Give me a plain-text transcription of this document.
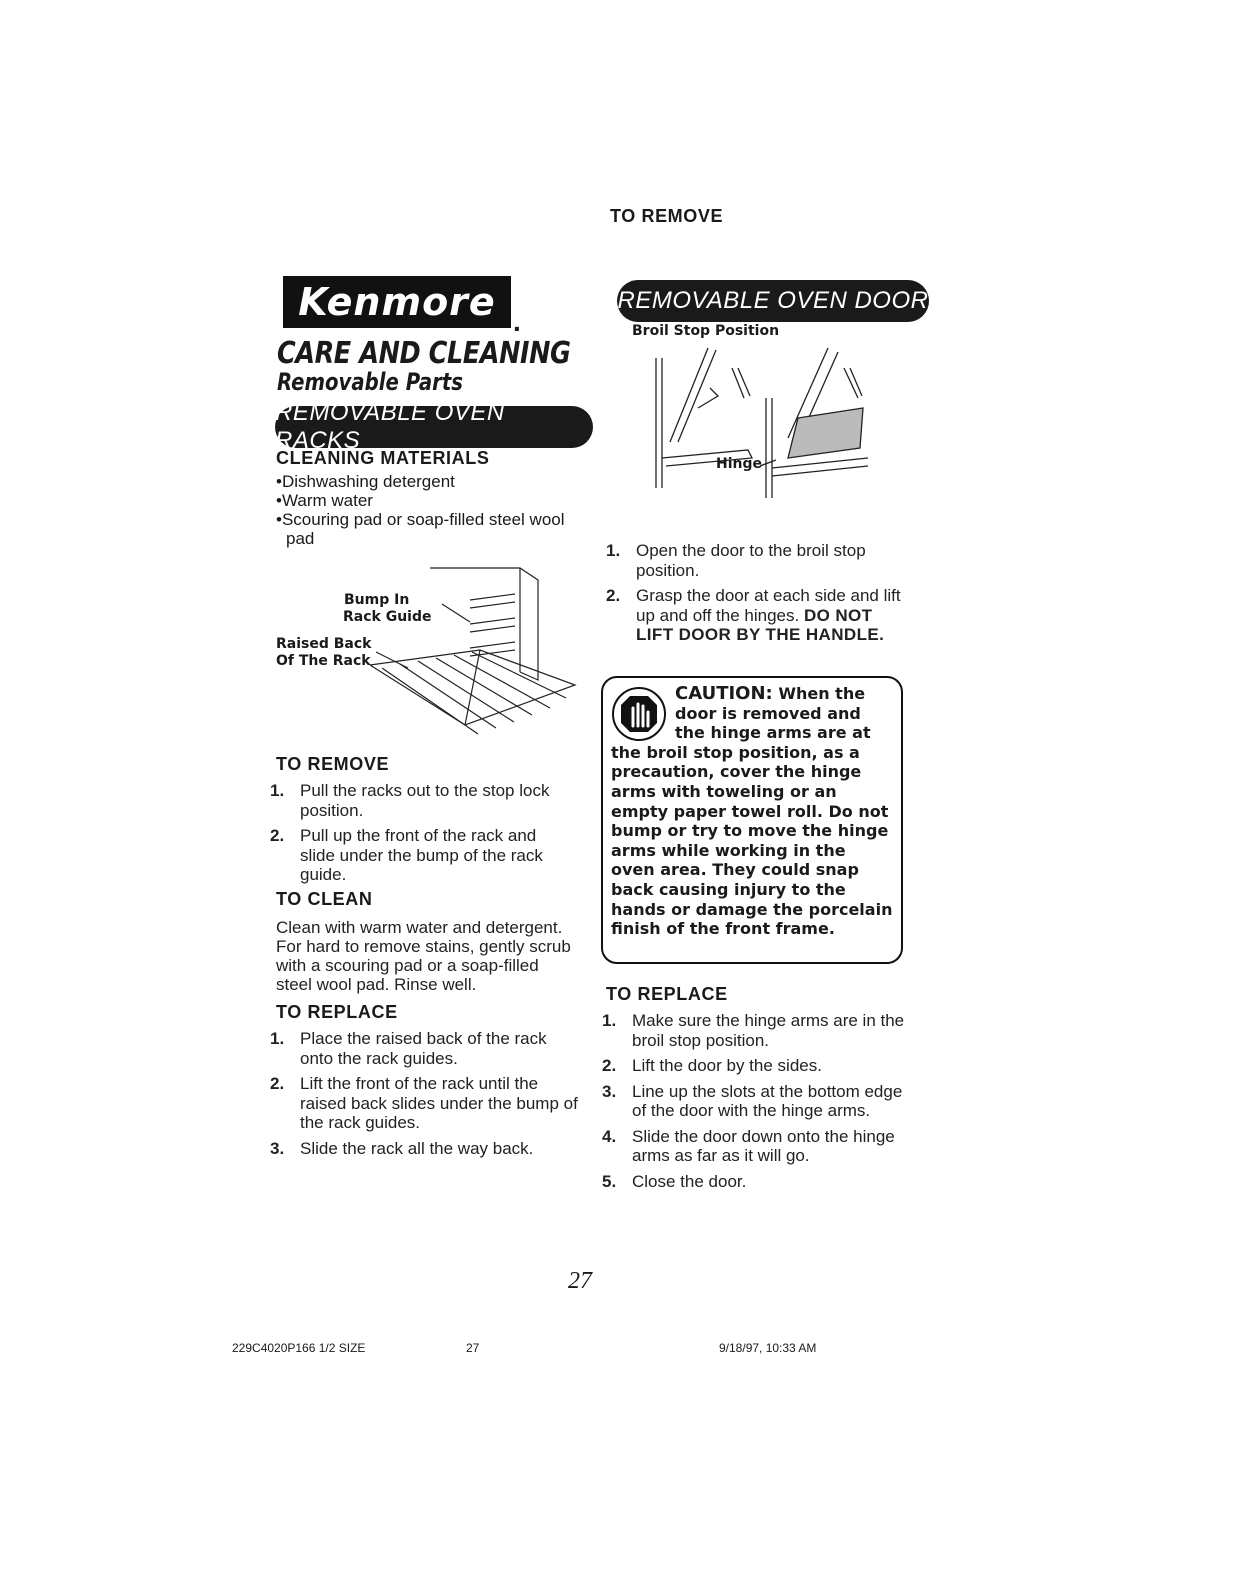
Kenmore .
CARE AND CLEANING
Removable Parts
REMOVABLE OVEN RACKS
CLEANING MATERIALS
• Dishwashing detergent
• Warm water
• Scouring pad or soap-filled steel wool pad
Bump In
Rack Guide
Raised Back
Of The Rack
TO REMOVE
1. Pull the racks out to the stop lock position.
2. Pull up the front of the rack and slide under the bump of the rack guide.
TO CLEAN
Clean with warm water and detergent. For hard to remove stains, gently scrub with a scouring pad or a soap-filled steel wool pad. Rinse well.
TO REPLACE
1. Place the raised back of the rack onto the rack guides.
2. Lift the front of the rack until the raised back slides under the bump of the rack guides.
3. Slide the rack all the way back.
REMOVABLE OVEN DOOR
Broil Stop Position
Hinge
TO REMOVE
1. Open the door to the broil stop position.
2. Grasp the door at each side and lift up and off the hinges. DO NOT LIFT DOOR BY THE HANDLE.
CAUTION: When the door is removed and the hinge arms are at the broil stop position, as a precaution, cover the hinge arms with toweling or an empty paper towel roll. Do not bump or try to move the hinge arms while working in the oven area. They could snap back causing injury to the hands or damage the porcelain finish of the front frame.
TO REPLACE
1. Make sure the hinge arms are in the broil stop position.
2. Lift the door by the sides.
3. Line up the slots at the bottom edge of the door with the hinge arms.
4. Slide the door down onto the hinge arms as far as it will go.
5. Close the door.
27
229C4020P166 1/2 SIZE	27	9/18/97, 10:33 AM
